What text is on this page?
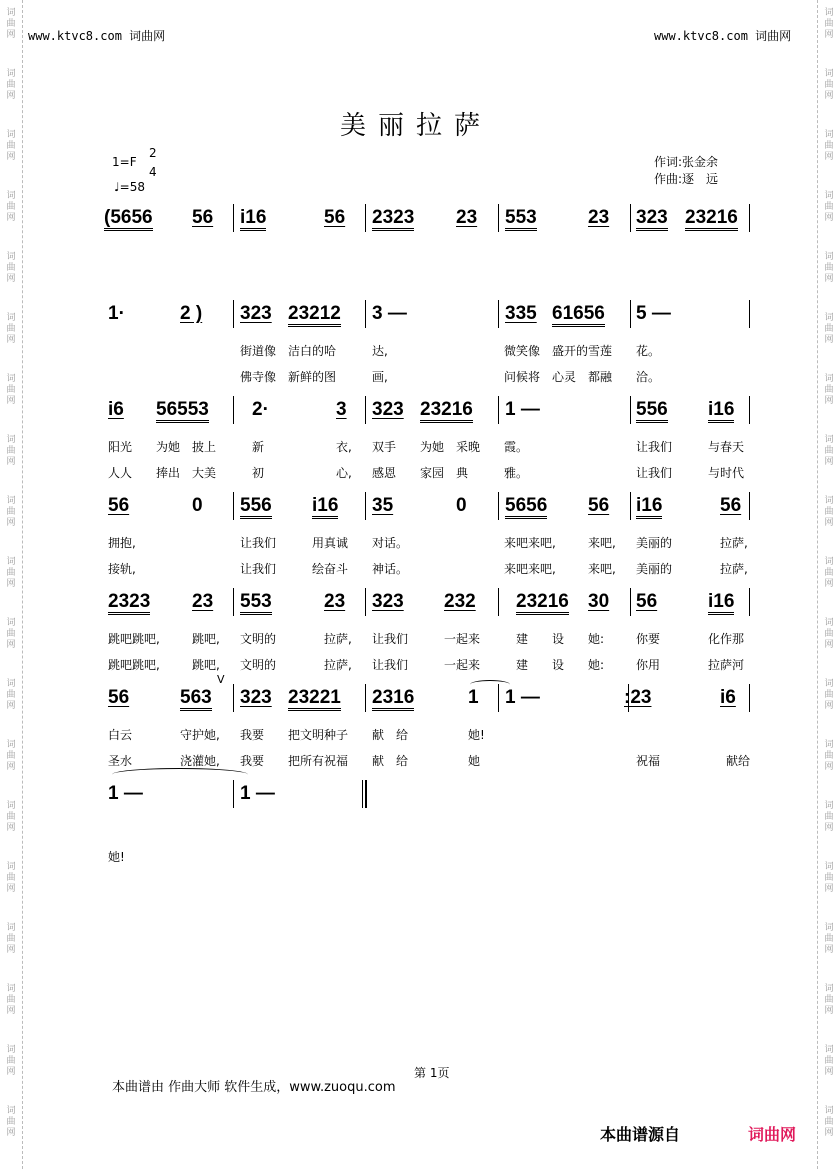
词
曲
网
词
曲
网
词
曲
网
词
曲
网
词
曲
网
词
曲
网
词
曲
网
词
曲
网
词
曲
网
词
曲
网
词
曲
网
词
曲
网
词
曲
网
词
曲
网
词
曲
网
词
曲
网
词
曲
网
词
曲
网
词
曲
网
词
曲
网
词
曲
网
词
曲
网
词
曲
网
词
曲
网
词
曲
网
词
曲
网
词
曲
网
词
曲
网
词
曲
网
词
曲
网
词
曲
网
词
曲
网
词
曲
网
词
曲
网
词
曲
网
词
曲
网
词
曲
网
词
曲
网
www.ktvc8.com 词曲网	www.ktvc8.com 词曲网
美丽拉萨
1=F
2
4
♩=58
作词:张金余
作曲:逐　远
(5656 56 i16	56 2323 23 553	23 323 23216
1·	2 ) 323 23212 3 —	335 61656 5 —
街道像 洁白的哈	达,	微笑像 盛开的雪莲 花。
佛寺像 新鲜的图	画,	问候将 心灵 都融 洽。
i6 56553 2·	3 323 23216 1 —	556 i16
阳光 为她 披上	新	衣, 双手 为她 采晚 霞。	让我们	与春天
人人 捧出 大美	初	心, 感恩 家园 典	雅。	让我们	与时代
56	0 556 i16 35	0 5656 56 i16	56
拥抱,	让我们	用真诚 对话。	来吧来吧,	来吧, 美丽的	拉萨,
接轨,	让我们	绘奋斗 神话。	来吧来吧,	来吧, 美丽的	拉萨,
2323 23 553	23 323 232 23216 30 56	i16
跳吧跳吧,	跳吧, 文明的	拉萨, 让我们	一起来	建 设 她:	你要	化作那
跳吧跳吧,	跳吧, 文明的	拉萨, 让我们	一起来	建 设 她:	你用	拉萨河
V
56	563 323 23221 2316	1 1 —	:23	i6
白云	守护她, 我要 把文明种子 献 给	她!
圣水	浇灌她, 我要 把所有祝福 献 给	她	祝福	献给
1 —	1 —
她!
本曲谱由 作曲大师 软件生成，www.zuoqu.com
第 1页
本曲谱源自	词曲网
